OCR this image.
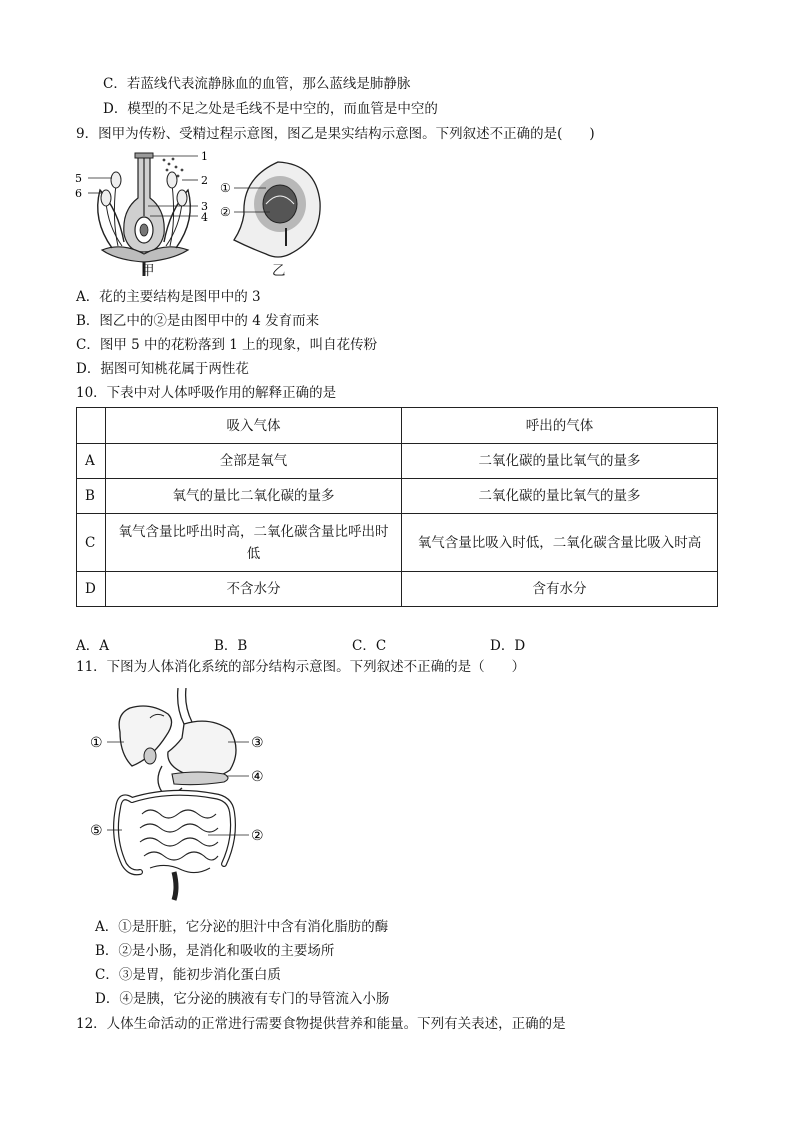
C．若蓝线代表流静脉血的血管，那么蓝线是肺静脉
D．模型的不足之处是毛线不是中空的，而血管是中空的
9．图甲为传粉、受精过程示意图，图乙是果实结构示意图。下列叙述不正确的是(　　)
1
2
3
4
5
6
甲
①
②
乙
A．花的主要结构是图甲中的 3
B．图乙中的②是由图甲中的 4 发育而来
C．图甲 5 中的花粉落到 1 上的现象，叫自花传粉
D．据图可知桃花属于两性花
10．下表中对人体呼吸作用的解释正确的是
	吸入气体	呼出的气体
A	全部是氧气	二氧化碳的量比氧气的量多
B	氧气的量比二氧化碳的量多	二氧化碳的量比氧气的量多
C	氧气含量比呼出时高，二氧化碳含量比呼出时低	氧气含量比吸入时低，二氧化碳含量比吸入时高
D	不含水分	含有水分
A．A	B．B	C．C	D．D
11．下图为人体消化系统的部分结构示意图。下列叙述不正确的是（　　）
①
②
③
④
⑤
A．①是肝脏，它分泌的胆汁中含有消化脂肪的酶
B．②是小肠，是消化和吸收的主要场所
C．③是胃，能初步消化蛋白质
D．④是胰，它分泌的胰液有专门的导管流入小肠
12．人体生命活动的正常进行需要食物提供营养和能量。下列有关表述，正确的是
